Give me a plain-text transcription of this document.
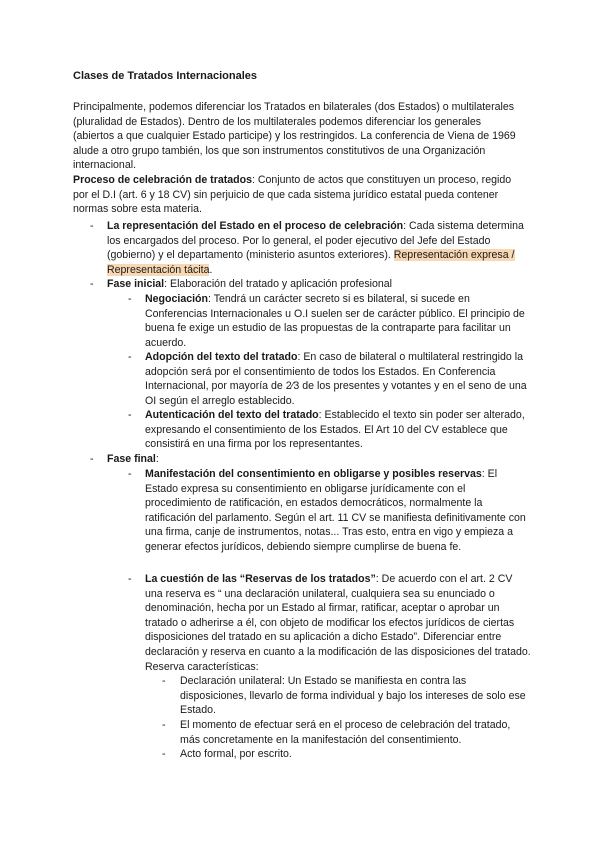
Clases de Tratados Internacionales

Principalmente, podemos diferenciar los Tratados en bilaterales (dos Estados) o multilaterales (pluralidad de Estados). Dentro de los multilaterales podemos diferenciar los generales (abiertos a que cualquier Estado participe) y los restringidos. La conferencia de Viena de 1969 alude a otro grupo también, los que son instrumentos constitutivos de una Organización internacional.

Proceso de celebración de tratados: Conjunto de actos que constituyen un proceso, regido por el D.I (art. 6 y 18 CV) sin perjuicio de que cada sistema jurídico estatal pueda contener normas sobre esta materia.

- La representación del Estado en el proceso de celebración: Cada sistema determina los encargados del proceso. Por lo general, el poder ejecutivo del Jefe del Estado (gobierno) y el departamento (ministerio asuntos exteriores). Representación expresa / Representación tácita.

- Fase inicial: Elaboración del tratado y aplicación profesional

- Negociación: Tendrá un carácter secreto si es bilateral, si sucede en Conferencias Internacionales u O.I suelen ser de carácter público. El principio de buena fe exige un estudio de las propuestas de la contraparte para facilitar un acuerdo.

- Adopción del texto del tratado: En caso de bilateral o multilateral restringido la adopción será por el consentimiento de todos los Estados. En Conferencia Internacional, por mayoría de 2⁄3 de los presentes y votantes y en el seno de una OI según el arreglo establecido.

- Autenticación del texto del tratado: Establecido el texto sin poder ser alterado, expresando el consentimiento de los Estados. El Art 10 del CV establece que consistirá en una firma por los representantes.

- Fase final:

- Manifestación del consentimiento en obligarse y posibles reservas: El Estado expresa su consentimiento en obligarse jurídicamente con el procedimiento de ratificación, en estados democráticos, normalmente la ratificación del parlamento. Según el art. 11 CV se manifiesta definitivamente con una firma, canje de instrumentos, notas... Tras esto, entra en vigo y empieza a generar efectos jurídicos, debiendo siempre cumplirse de buena fe.

- La cuestión de las “Reservas de los tratados”: De acuerdo con el art. 2 CV una reserva es “ una declaración unilateral, cualquiera sea su enunciado o denominación, hecha por un Estado al firmar, ratificar, aceptar o aprobar un tratado o adherirse a él, con objeto de modificar los efectos jurídicos de ciertas disposiciones del tratado en su aplicación a dicho Estado”. Diferenciar entre declaración y reserva en cuanto a la modificación de las disposiciones del tratado. Reserva características:

- Declaración unilateral: Un Estado se manifiesta en contra las disposiciones, llevarlo de forma individual y bajo los intereses de solo ese Estado.

- El momento de efectuar será en el proceso de celebración del tratado, más concretamente en la manifestación del consentimiento.

- Acto formal, por escrito.
